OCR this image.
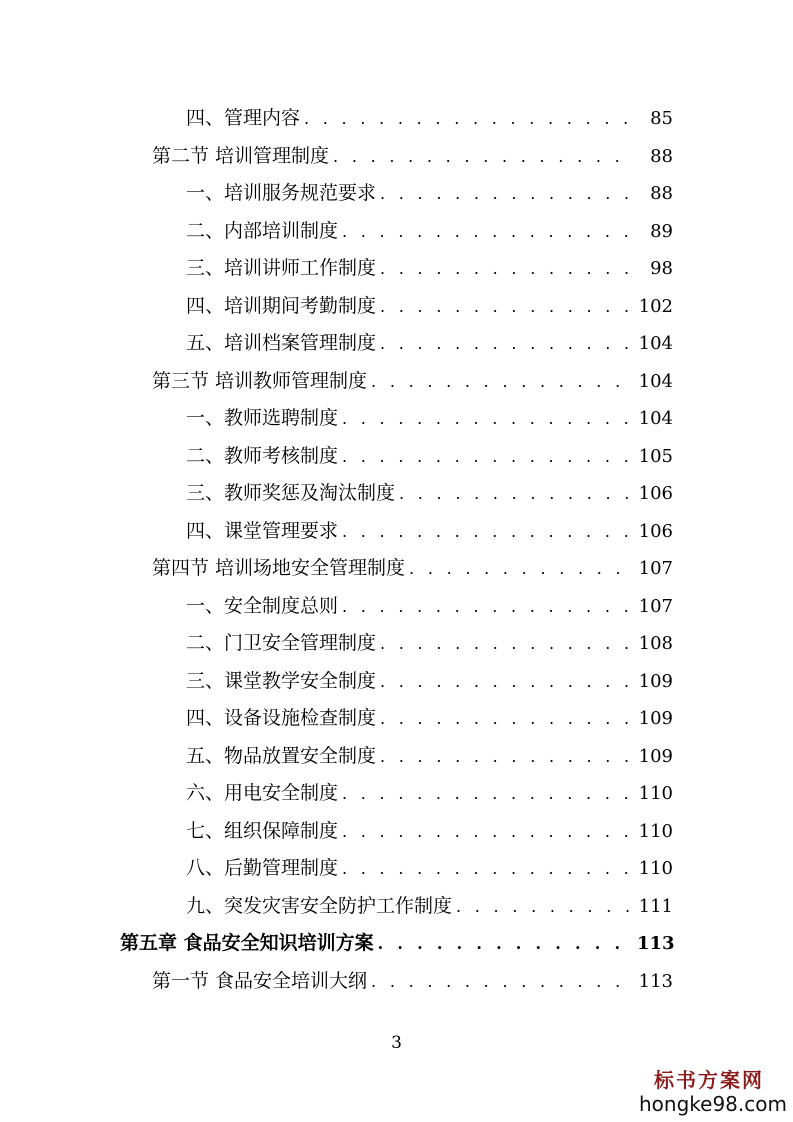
四、管理内容 . . .	85
第二节 培训管理制度 . . .	88
一、培训服务规范要求 . . .	88
二、内部培训制度 . . .	89
三、培训讲师工作制度 . . .	98
四、培训期间考勤制度 . . .	102
五、培训档案管理制度 . . .	104
第三节 培训教师管理制度 . . .	104
一、教师选聘制度 . . .	104
二、教师考核制度 . . .	105
三、教师奖惩及淘汰制度 . . .	106
四、课堂管理要求 . . .	106
第四节 培训场地安全管理制度 . . .	107
一、安全制度总则 . . .	107
二、门卫安全管理制度 . . .	108
三、课堂教学安全制度 . . .	109
四、设备设施检查制度 . . .	109
五、物品放置安全制度 . . .	109
六、用电安全制度 . . .	110
七、组织保障制度 . . .	110
八、后勤管理制度 . . .	110
九、突发灾害安全防护工作制度 . . .	111
第五章 食品安全知识培训方案 . . .	113
第一节 食品安全培训大纲 . . .	113
3
标书方案网
hongke98.com
